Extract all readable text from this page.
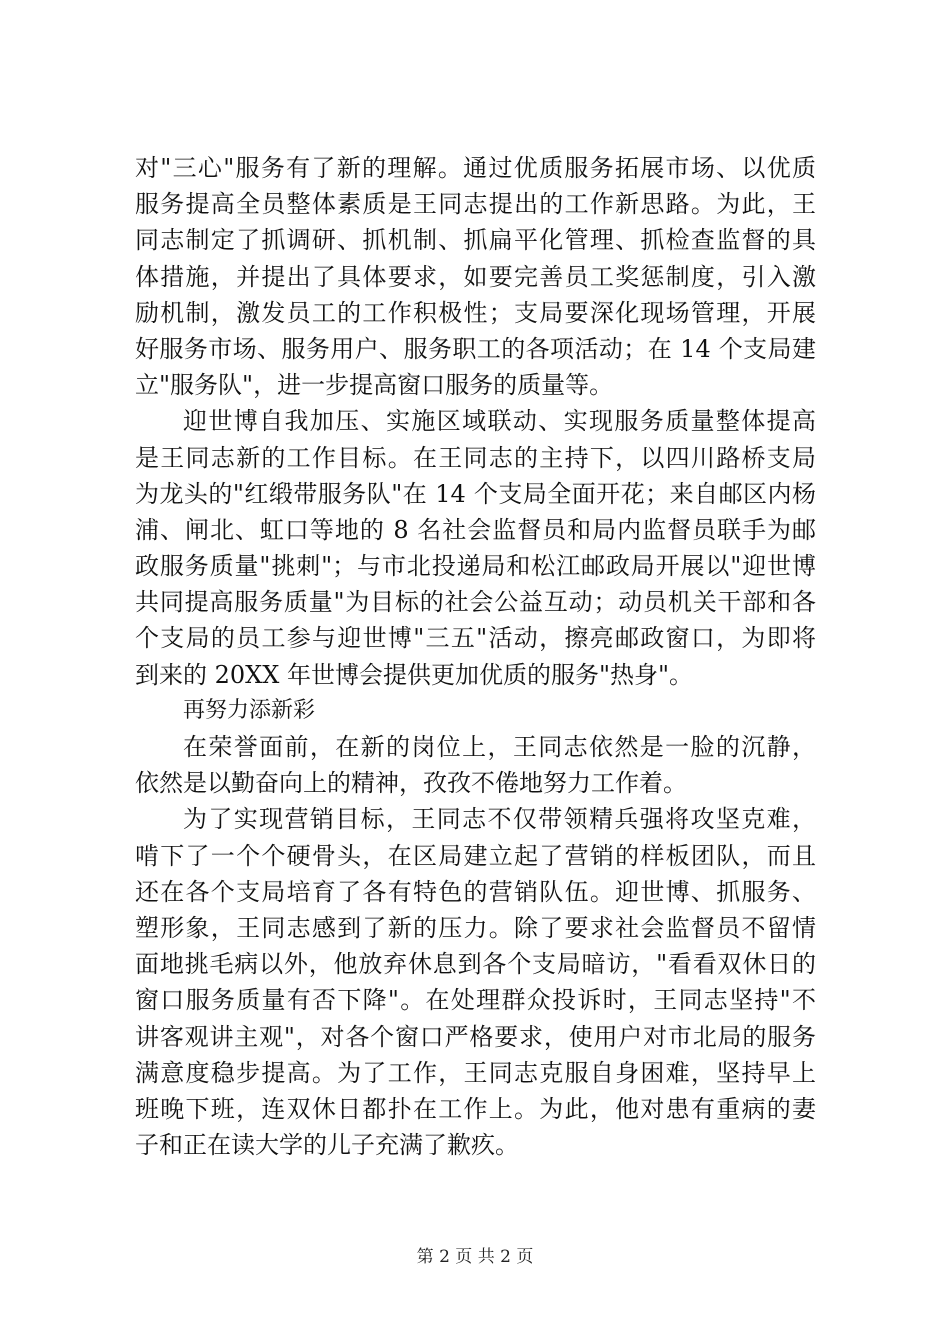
对"三心"服务有了新的理解。通过优质服务拓展市场、以优质
服务提高全员整体素质是王同志提出的工作新思路。为此，王
同志制定了抓调研、抓机制、抓扁平化管理、抓检查监督的具
体措施，并提出了具体要求，如要完善员工奖惩制度，引入激
励机制，激发员工的工作积极性；支局要深化现场管理，开展
好服务市场、服务用户、服务职工的各项活动；在 14 个支局建
立"服务队"，进一步提高窗口服务的质量等。
迎世博自我加压、实施区域联动、实现服务质量整体提高
是王同志新的工作目标。在王同志的主持下，以四川路桥支局
为龙头的"红缎带服务队"在 14 个支局全面开花；来自邮区内杨
浦、闸北、虹口等地的 8 名社会监督员和局内监督员联手为邮
政服务质量"挑刺"；与市北投递局和松江邮政局开展以"迎世博
共同提高服务质量"为目标的社会公益互动；动员机关干部和各
个支局的员工参与迎世博"三五"活动，擦亮邮政窗口，为即将
到来的 20XX 年世博会提供更加优质的服务"热身"。
再努力添新彩
在荣誉面前，在新的岗位上，王同志依然是一脸的沉静，
依然是以勤奋向上的精神，孜孜不倦地努力工作着。
为了实现营销目标，王同志不仅带领精兵强将攻坚克难，
啃下了一个个硬骨头，在区局建立起了营销的样板团队，而且
还在各个支局培育了各有特色的营销队伍。迎世博、抓服务、
塑形象，王同志感到了新的压力。除了要求社会监督员不留情
面地挑毛病以外，他放弃休息到各个支局暗访，"看看双休日的
窗口服务质量有否下降"。在处理群众投诉时，王同志坚持"不
讲客观讲主观"，对各个窗口严格要求，使用户对市北局的服务
满意度稳步提高。为了工作，王同志克服自身困难，坚持早上
班晚下班，连双休日都扑在工作上。为此，他对患有重病的妻
子和正在读大学的儿子充满了歉疚。
第 2 页 共 2 页
